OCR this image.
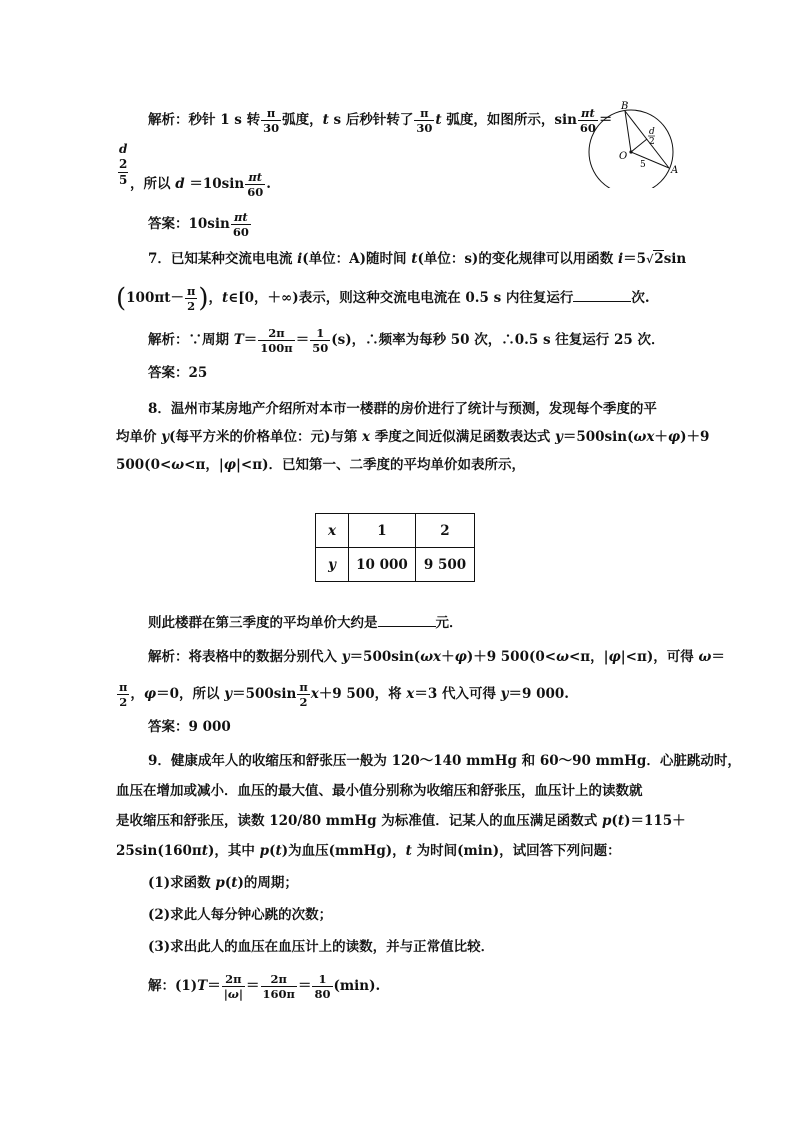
解析：秒针 1 s 转 $\frac{\pi}{30}$ 弧度，t s 后秒针转了 $\frac{\pi}{30}$ t 弧度，如图所示，$\sin \frac{\pi t}{60}$ ＝
d
2
5 ，所以 $d =10\sin \frac{\pi t}{60}$ .
答案：$10\sin \frac{\pi t}{60}$
B
O
A
d
2
5
7．已知某种交流电电流 i(单位：A)随时间 t(单位：s)的变化规律可以用函数 i＝5√2sin
($100\pi t- \frac{\pi}{2}$ )，t∈[0，＋∞)表示，则这种交流电电流在 0.5 s 内往复运行	次.
解析：∵周期 $T= \frac{2\pi}{100\pi} = \frac{1}{50} (s)$，∴频率为每秒 50 次，∴0.5 s 往复运行 25 次．
答案：25
8．温州市某房地产介绍所对本市一楼群的房价进行了统计与预测，发现每个季度的平
均单价 y(每平方米的价格单位：元)与第 x 季度之间近似满足函数表达式 y＝500sin(ωx＋φ)＋9
500(0<ω<π，|φ|<π)．已知第一、二季度的平均单价如表所示，
x	1	2
y	10 000	9 500
则此楼群在第三季度的平均单价大约是	元．
解析：将表格中的数据分别代入 y＝500sin(ωx＋φ)＋9 500(0<ω<π，|φ|<π)，可得 ω＝
$\frac{\pi}{2}$ ，φ＝0，所以 $y=500\sin \frac{\pi}{2} x+9$ 500，将 x＝3 代入可得 y＝9 000.
答案：9 000
9．健康成年人的收缩压和舒张压一般为 120～140 mmHg 和 60～90 mmHg．心脏跳动时，
血压在增加或减小．血压的最大值、最小值分别称为收缩压和舒张压，血压计上的读数就
是收缩压和舒张压，读数 120/80 mmHg 为标准值．记某人的血压满足函数式 p(t)＝115＋
25sin(160πt)，其中 p(t)为血压(mmHg)，t 为时间(min)，试回答下列问题：
(1)求函数 p(t)的周期；
(2)求此人每分钟心跳的次数；
(3)求出此人的血压在血压计上的读数，并与正常值比较．
解：$(1)T= \frac{2\pi}{|\omega|} = \frac{2\pi}{160\pi} = \frac{1}{80} (\min)$.
